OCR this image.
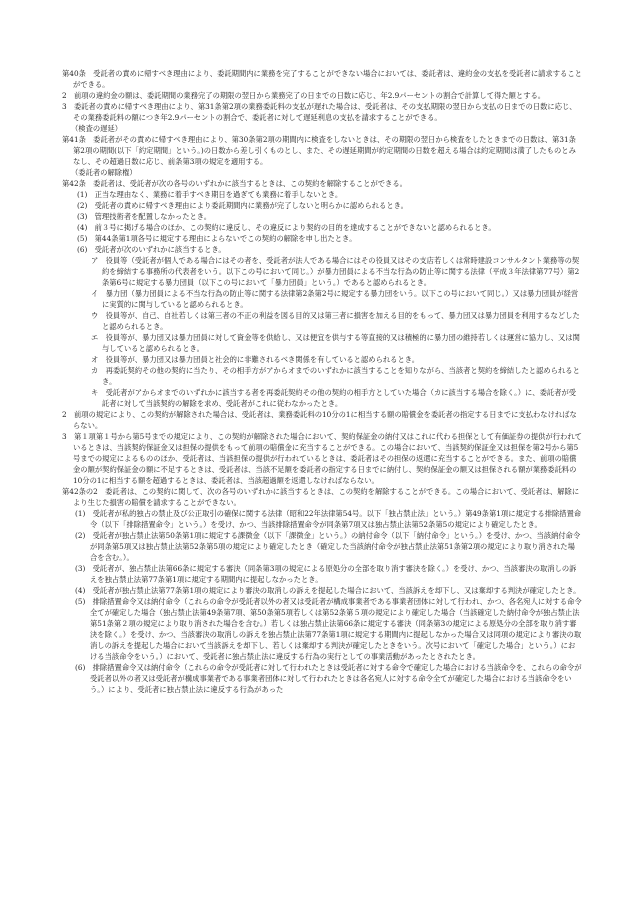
第40条　受託者の責めに帰すべき理由により、委託期間内に業務を完了することができない場合においては、委託者は、違約金の支払を受託者に請求することができる。
2　前項の違約金の額は、委託期間の業務完了の期限の翌日から業務完了の日までの日数に応じ、年2.9パーセントの割合で計算して得た額とする。
3　委託者の責めに帰すべき理由により、第31条第2項の業務委託料の支払が遅れた場合は、受託者は、その支払期限の翌日から支払の日までの日数に応じ、その業務委託料の額につき年2.9パーセントの割合で、委託者に対して遅延利息の支払を請求することができる。
（検査の遅延）
第41条　委託者がその責めに帰すべき理由により、第30条第2項の期間内に検査をしないときは、その期限の翌日から検査をしたときまでの日数は、第31条第2項の期間(以下「約定期間」という。)の日数から差し引くものとし、また、その遅延期間が約定期間の日数を超える場合は約定期間は満了したものとみなし、その超過日数に応じ、前条第3項の規定を適用する。
（委託者の解除権）
第42条　委託者は、受託者が次の各号のいずれかに該当するときは、この契約を解除することができる。
(1)　正当な理由なく、業務に着手すべき期日を過ぎても業務に着手しないとき。
(2)　受託者の責めに帰すべき理由により委託期間内に業務が完了しないと明らかに認められるとき。
(3)　管理技術者を配置しなかったとき。
(4)　前３号に掲げる場合のほか、この契約に違反し、その違反により契約の目的を達成することができないと認められるとき。
(5)　第44条第1項各号に規定する理由によらないでこの契約の解除を申し出たとき。
(6)　受託者が次のいずれかに該当するとき。
ア　役員等（受託者が個人である場合にはその者を、受託者が法人である場合にはその役員又はその支店若しくは常時建設コンサルタント業務等の契約を締結する事務所の代表者をいう。以下この号において同じ。）が暴力団員による不当な行為の防止等に関する法律（平成３年法律第77号）第2条第6号に規定する暴力団員（以下この号において「暴力団員」という。）であると認められるとき。
イ　暴力団（暴力団員による不当な行為の防止等に関する法律第2条第2号に規定する暴力団をいう。以下この号において同じ。）又は暴力団員が経営に実質的に関与していると認められるとき。
ウ　役員等が、自己、自社若しくは第三者の不正の利益を図る目的又は第三者に損害を加える目的をもって、暴力団又は暴力団員を利用するなどしたと認められるとき。
エ　役員等が、暴力団又は暴力団員に対して資金等を供給し、又は便宜を供与する等直接的又は積極的に暴力団の維持若しくは運営に協力し、又は関与していると認められるとき。
オ　役員等が、暴力団又は暴力団員と社会的に非難されるべき関係を有していると認められるとき。
カ　再委託契約その他の契約に当たり、その相手方がアからオまでのいずれかに該当することを知りながら、当該者と契約を締結したと認められるとき。
キ　受託者がアからオまでのいずれかに該当する者を再委託契約その他の契約の相手方としていた場合（カに該当する場合を除く。）に、委託者が受託者に対して当該契約の解除を求め、受託者がこれに従わなかったとき。
2　前項の規定により、この契約が解除された場合は、受託者は、業務委託料の10分の1に相当する額の賠償金を委託者の指定する日までに支払わなければならない。
3　第１項第１号から第5号までの規定により、この契約が解除された場合において、契約保証金の納付又はこれに代わる担保として有価証券の提供が行われているときは、当該契約保証金又は担保の提供をもって前項の賠償金に充当することができる。この場合において、当該契約保証金又は担保を第2号から第5号までの規定によるもののほか、受託者は、当該担保の提供が行われているときは、委託者はその担保の返還に充当することができる。また、前項の賠償金の額が契約保証金の額に不足するときは、受託者は、当該不足額を委託者の指定する日までに納付し、契約保証金の額又は担保される額が業務委託料の10分の1に相当する額を超過するときは、委託者は、当該超過額を返還しなければならない。
第42条の2　委託者は、この契約に関して、次の各号のいずれかに該当するときは、この契約を解除することができる。この場合において、受託者は、解除により生じた損害の賠償を請求することができない。
(1)　受託者が私的独占の禁止及び公正取引の確保に関する法律（昭和22年法律第54号。以下「独占禁止法」という。）第49条第1項に規定する排除措置命令（以下「排除措置命令」という。）を受け、かつ、当該排除措置命令が同条第7項又は独占禁止法第52条第5の規定により確定したとき。
(2)　受託者が独占禁止法第50条第1項に規定する課徴金（以下「課徴金」という。）の納付命令（以下「納付命令」という。）を受け、かつ、当該納付命令が同条第5項又は独占禁止法第52条第5項の規定により確定したとき（確定した当該納付命令が独占禁止法第51条第2項の規定により取り消された場合を含む。）。
(3)　受託者が、独占禁止法第66条に規定する審決（同条第3項の規定による原処分の全部を取り消す審決を除く。）を受け、かつ、当該審決の取消しの訴えを独占禁止法第77条第1項に規定する期間内に提起しなかったとき。
(4)　受託者が独占禁止法第77条第1項の規定により審決の取消しの訴えを提起した場合において、当該訴えを却下し、又は棄却する判決が確定したとき。
(5)　排除措置命令又は納付命令（これらの命令が受託者以外の者又は受託者が構成事業者である事業者団体に対して行われ、かつ、各名宛人に対する命令全てが確定した場合（独占禁止法第49条第7項、第50条第5項若しくは第52条第５項の規定により確定した場合（当該確定した納付命令が独占禁止法第51条第２項の規定により取り消された場合を含む。）若しくは独占禁止法第66条に規定する審決（同条第3の規定による原処分の全部を取り消す審決を除く。）を受け、かつ、当該審決の取消しの訴えを独占禁止法第77条第1項に規定する期間内に提起しなかった場合又は同項の規定により審決の取消しの訴えを提起した場合において当該訴えを却下し、若しくは棄却する判決が確定したときをいう。次号において「確定した場合」という。）における当該命令をいう。）において、受託者に独占禁止法に違反する行為の実行としての事業活動があったとされたとき。
(6)　排除措置命令又は納付命令（これらの命令が受託者に対して行われたときは受託者に対する命令で確定した場合における当該命令を、これらの命令が受託者以外の者又は受託者が構成事業者である事業者団体に対して行われたときは各名宛人に対する命令全てが確定した場合における当該命令をいう。）により、受託者に独占禁止法に違反する行為があった
